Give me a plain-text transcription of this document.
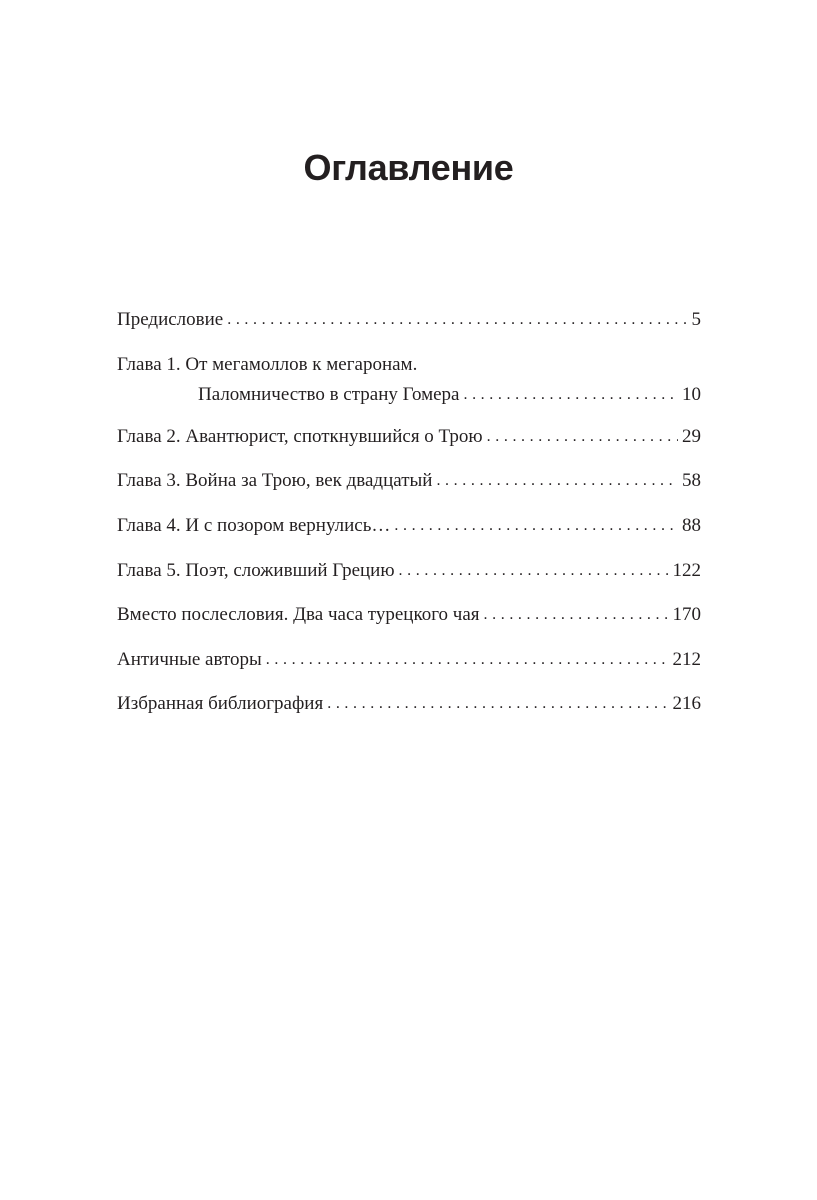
Оглавление
Предисловие . . .	5
Глава 1. От мегамоллов к мегаронам.
Паломничество в страну Гомера . . .	10
Глава 2. Авантюрист, споткнувшийся о Трою . . .	29
Глава 3. Война за Трою, век двадцатый . . .	58
Глава 4. И с позором вернулись… . . .	88
Глава 5. Поэт, сложивший Грецию . . .	122
Вместо послесловия. Два часа турецкого чая . . .	170
Античные авторы . . .	212
Избранная библиография . . .	216
